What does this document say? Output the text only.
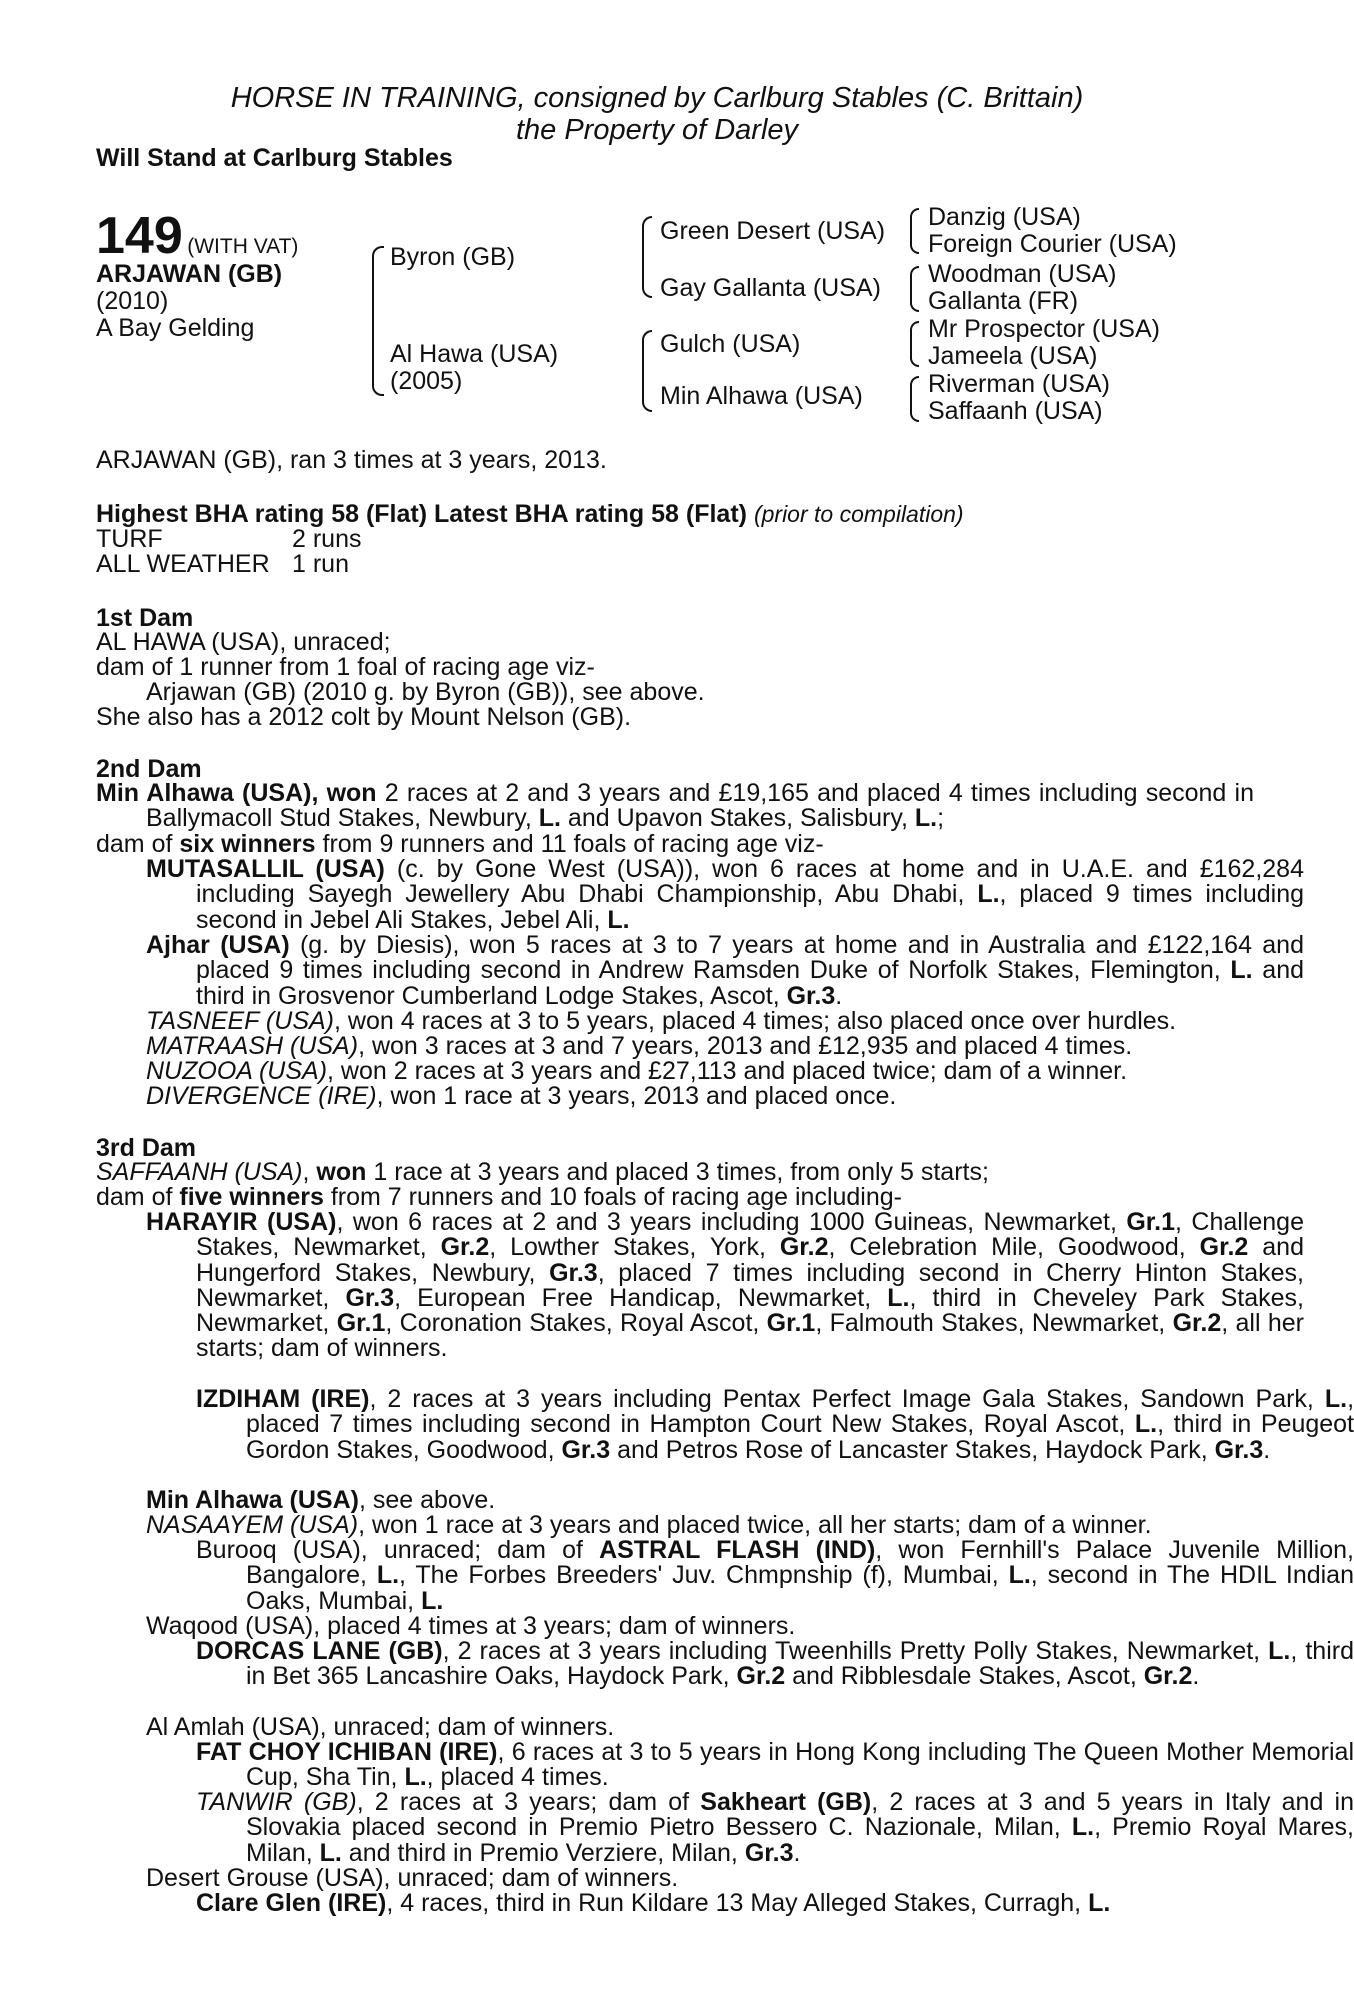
HORSE IN TRAINING, consigned by Carlburg Stables (C. Brittain)
the Property of Darley
Will Stand at Carlburg Stables
149 (WITH VAT)
ARJAWAN (GB)
(2010)
A Bay Gelding
Byron (GB)
Al Hawa (USA)
(2005)
Green Desert (USA)
Gay Gallanta (USA)
Gulch (USA)
Min Alhawa (USA)
Danzig (USA)
Foreign Courier (USA)
Woodman (USA)
Gallanta (FR)
Mr Prospector (USA)
Jameela (USA)
Riverman (USA)
Saffaanh (USA)
ARJAWAN (GB), ran 3 times at 3 years, 2013.
Highest BHA rating 58 (Flat) Latest BHA rating 58 (Flat) (prior to compilation)
TURF	2 runs
ALL WEATHER 1 run
1st Dam
AL HAWA (USA), unraced;
dam of 1 runner from 1 foal of racing age viz-
Arjawan (GB) (2010 g. by Byron (GB)), see above.
She also has a 2012 colt by Mount Nelson (GB).
2nd Dam

Min Alhawa (USA), won 2 races at 2 and 3 years and £19,165 and placed 4 times including second in Ballymacoll Stud Stakes, Newbury, L. and Upavon Stakes, Salisbury, L.;

dam of six winners from 9 runners and 11 foals of racing age viz-

MUTASALLIL (USA) (c. by Gone West (USA)), won 6 races at home and in U.A.E. and £162,284 including Sayegh Jewellery Abu Dhabi Championship, Abu Dhabi, L., placed 9 times including second in Jebel Ali Stakes, Jebel Ali, L.

Ajhar (USA) (g. by Diesis), won 5 races at 3 to 7 years at home and in Australia and £122,164 and placed 9 times including second in Andrew Ramsden Duke of Norfolk Stakes, Flemington, L. and third in Grosvenor Cumberland Lodge Stakes, Ascot, Gr.3.

TASNEEF (USA), won 4 races at 3 to 5 years, placed 4 times; also placed once over hurdles.

MATRAASH (USA), won 3 races at 3 and 7 years, 2013 and £12,935 and placed 4 times.

NUZOOA (USA), won 2 races at 3 years and £27,113 and placed twice; dam of a winner.

DIVERGENCE (IRE), won 1 race at 3 years, 2013 and placed once.

3rd Dam

SAFFAANH (USA), won 1 race at 3 years and placed 3 times, from only 5 starts;

dam of five winners from 7 runners and 10 foals of racing age including-

HARAYIR (USA), won 6 races at 2 and 3 years including 1000 Guineas, Newmarket, Gr.1, Challenge Stakes, Newmarket, Gr.2, Lowther Stakes, York, Gr.2, Celebration Mile, Goodwood, Gr.2 and Hungerford Stakes, Newbury, Gr.3, placed 7 times including second in Cherry Hinton Stakes, Newmarket, Gr.3, European Free Handicap, Newmarket, L., third in Cheveley Park Stakes, Newmarket, Gr.1, Coronation Stakes, Royal Ascot, Gr.1, Falmouth Stakes, Newmarket, Gr.2, all her starts; dam of winners.

IZDIHAM (IRE), 2 races at 3 years including Pentax Perfect Image Gala Stakes, Sandown Park, L., placed 7 times including second in Hampton Court New Stakes, Royal Ascot, L., third in Peugeot Gordon Stakes, Goodwood, Gr.3 and Petros Rose of Lancaster Stakes, Haydock Park, Gr.3.

Min Alhawa (USA), see above.

NASAAYEM (USA), won 1 race at 3 years and placed twice, all her starts; dam of a winner.

Burooq (USA), unraced; dam of ASTRAL FLASH (IND), won Fernhill's Palace Juvenile Million, Bangalore, L., The Forbes Breeders' Juv. Chmpnship (f), Mumbai, L., second in The HDIL Indian Oaks, Mumbai, L.

Waqood (USA), placed 4 times at 3 years; dam of winners.

DORCAS LANE (GB), 2 races at 3 years including Tweenhills Pretty Polly Stakes, Newmarket, L., third in Bet 365 Lancashire Oaks, Haydock Park, Gr.2 and Ribblesdale Stakes, Ascot, Gr.2.

Al Amlah (USA), unraced; dam of winners.

FAT CHOY ICHIBAN (IRE), 6 races at 3 to 5 years in Hong Kong including The Queen Mother Memorial Cup, Sha Tin, L., placed 4 times.

TANWIR (GB), 2 races at 3 years; dam of Sakheart (GB), 2 races at 3 and 5 years in Italy and in Slovakia placed second in Premio Pietro Bessero C. Nazionale, Milan, L., Premio Royal Mares, Milan, L. and third in Premio Verziere, Milan, Gr.3.

Desert Grouse (USA), unraced; dam of winners.

Clare Glen (IRE), 4 races, third in Run Kildare 13 May Alleged Stakes, Curragh, L.
